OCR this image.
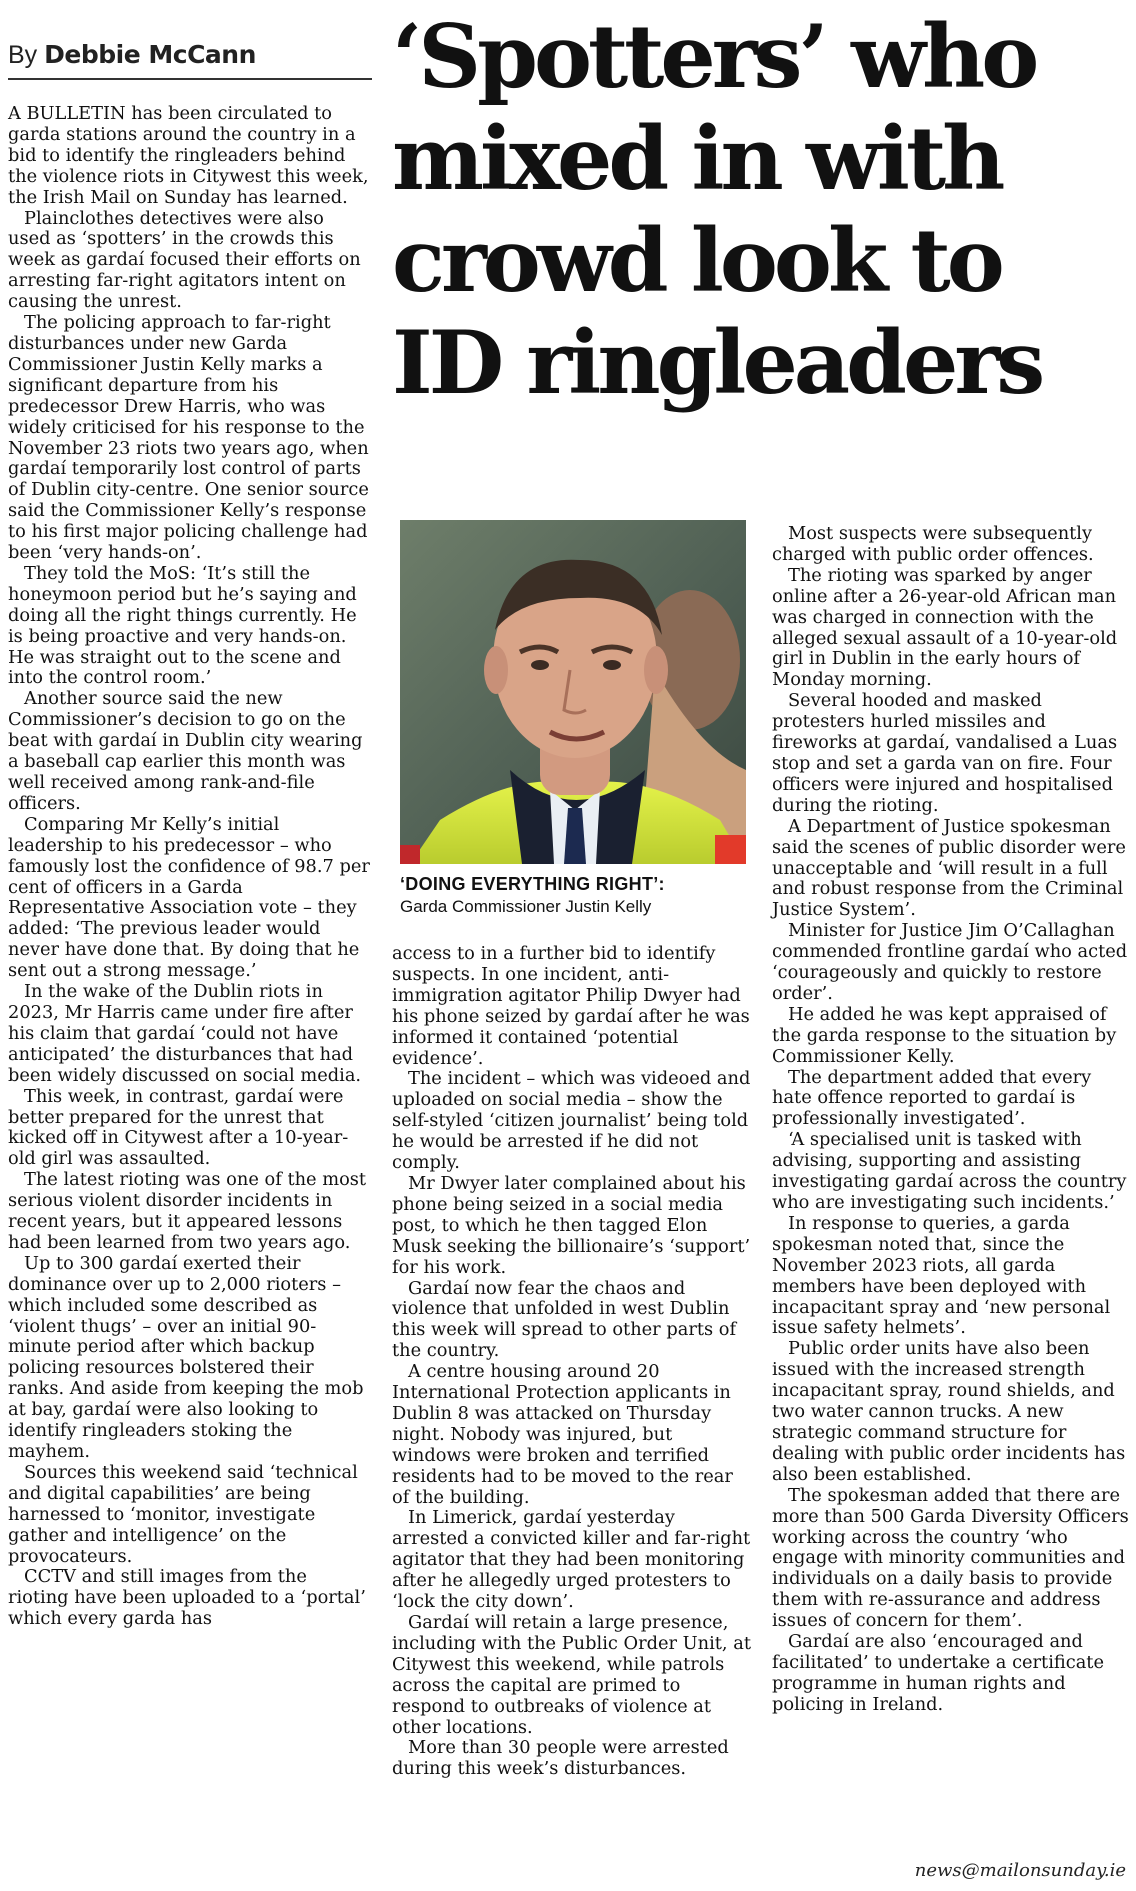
By Debbie McCann	‘Spotters’ who mixed in with crowd look to ID ringleaders

A BULLETIN has been circulated to garda stations around the country in a bid to identify the ringleaders behind the violence riots in Citywest this week, the Irish Mail on Sunday has learned.

Plainclothes detectives were also used as ‘spotters’ in the crowds this week as gardaí focused their efforts on arresting far-right agitators intent on causing the unrest.

The policing approach to far-right disturbances under new Garda Commissioner Justin Kelly marks a significant departure from his predecessor Drew Harris, who was widely criticised for his response to the November 23 riots two years ago, when gardaí temporarily lost control of parts of Dublin city-centre. One senior source said the Commissioner Kelly’s response to his first major policing challenge had been ‘very hands-on’.

They told the MoS: ‘It’s still the honeymoon period but he’s saying and doing all the right things currently. He is being proactive and very hands-on. He was straight out to the scene and into the control room.’

Another source said the new Commissioner’s decision to go on the beat with gardaí in Dublin city wearing a baseball cap earlier this month was well received among rank-and-file officers.

Comparing Mr Kelly’s initial leadership to his predecessor – who famously lost the confidence of 98.7 per cent of officers in a Garda Representative Association vote – they added: ‘The previous leader would never have done that. By doing that he sent out a strong message.’

In the wake of the Dublin riots in 2023, Mr Harris came under fire after his claim that gardaí ‘could not have anticipated’ the disturbances that had been widely discussed on social media.

This week, in contrast, gardaí were better prepared for the unrest that kicked off in Citywest after a 10-year-old girl was assaulted.

The latest rioting was one of the most serious violent disorder incidents in recent years, but it appeared lessons had been learned from two years ago.

Up to 300 gardaí exerted their dominance over up to 2,000 rioters – which included some described as ‘violent thugs’ – over an initial 90-minute period after which backup policing resources bolstered their ranks. And aside from keeping the mob at bay, gardaí were also looking to identify ringleaders stoking the mayhem.

Sources this weekend said ‘technical and digital capabilities’ are being harnessed to ‘monitor, investigate gather and intelligence’ on the provocateurs.

CCTV and still images from the rioting have been uploaded to a ‘portal’ which every garda has

‘DOING EVERYTHING RIGHT’:
Garda Commissioner Justin Kelly

access to in a further bid to identify suspects. In one incident, anti-immigration agitator Philip Dwyer had his phone seized by gardaí after he was informed it contained ‘potential evidence’.

The incident – which was videoed and uploaded on social media – show the self-styled ‘citizen journalist’ being told he would be arrested if he did not comply.

Mr Dwyer later complained about his phone being seized in a social media post, to which he then tagged Elon Musk seeking the billionaire’s ‘support’ for his work.

Gardaí now fear the chaos and violence that unfolded in west Dublin this week will spread to other parts of the country.

A centre housing around 20 International Protection applicants in Dublin 8 was attacked on Thursday night. Nobody was injured, but windows were broken and terrified residents had to be moved to the rear of the building.

In Limerick, gardaí yesterday arrested a convicted killer and far-right agitator that they had been monitoring after he allegedly urged protesters to ‘lock the city down’.

Gardaí will retain a large presence, including with the Public Order Unit, at Citywest this weekend, while patrols across the capital are primed to respond to outbreaks of violence at other locations.

More than 30 people were arrested during this week’s disturbances.

Most suspects were subsequently charged with public order offences.

The rioting was sparked by anger online after a 26-year-old African man was charged in connection with the alleged sexual assault of a 10-year-old girl in Dublin in the early hours of Monday morning.

Several hooded and masked protesters hurled missiles and fireworks at gardaí, vandalised a Luas stop and set a garda van on fire. Four officers were injured and hospitalised during the rioting.

A Department of Justice spokesman said the scenes of public disorder were unacceptable and ‘will result in a full and robust response from the Criminal Justice System’.

Minister for Justice Jim O’Callaghan commended frontline gardaí who acted ‘courageously and quickly to restore order’.

He added he was kept appraised of the garda response to the situation by Commissioner Kelly.

The department added that every hate offence reported to gardaí is professionally investigated’.

‘A specialised unit is tasked with advising, supporting and assisting investigating gardaí across the country who are investigating such incidents.’

In response to queries, a garda spokesman noted that, since the November 2023 riots, all garda members have been deployed with incapacitant spray and ‘new personal issue safety helmets’.

Public order units have also been issued with the increased strength incapacitant spray, round shields, and two water cannon trucks. A new strategic command structure for dealing with public order incidents has also been established.

The spokesman added that there are more than 500 Garda Diversity Officers working across the country ‘who engage with minority communities and individuals on a daily basis to provide them with re-assurance and address issues of concern for them’.

Gardaí are also ‘encouraged and facilitated’ to undertake a certificate programme in human rights and policing in Ireland.

news@mailonsunday.ie
